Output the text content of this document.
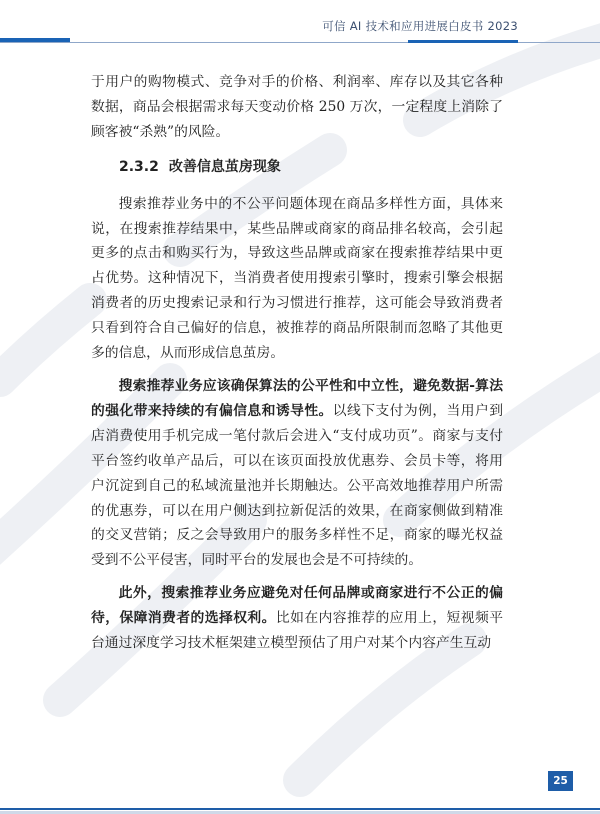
可信 AI 技术和应用进展白皮书 2023

于用户的购物模式、竞争对手的价格、利润率、库存以及其它各种数据，商品会根据需求每天变动价格 250 万次，一定程度上消除了顾客被“杀熟”的风险。

2.3.2 改善信息茧房现象

搜索推荐业务中的不公平问题体现在商品多样性方面，具体来说，在搜索推荐结果中，某些品牌或商家的商品排名较高，会引起更多的点击和购买行为，导致这些品牌或商家在搜索推荐结果中更占优势。这种情况下，当消费者使用搜索引擎时，搜索引擎会根据消费者的历史搜索记录和行为习惯进行推荐，这可能会导致消费者只看到符合自己偏好的信息，被推荐的商品所限制而忽略了其他更多的信息，从而形成信息茧房。

搜索推荐业务应该确保算法的公平性和中立性，避免数据-算法的强化带来持续的有偏信息和诱导性。以线下支付为例，当用户到店消费使用手机完成一笔付款后会进入“支付成功页”。商家与支付平台签约收单产品后，可以在该页面投放优惠券、会员卡等，将用户沉淀到自己的私域流量池并长期触达。公平高效地推荐用户所需的优惠券，可以在用户侧达到拉新促活的效果，在商家侧做到精准的交叉营销；反之会导致用户的服务多样性不足，商家的曝光权益受到不公平侵害，同时平台的发展也会是不可持续的。

此外，搜索推荐业务应避免对任何品牌或商家进行不公正的偏待，保障消费者的选择权利。比如在内容推荐的应用上，短视频平台通过深度学习技术框架建立模型预估了用户对某个内容产生互动

25
